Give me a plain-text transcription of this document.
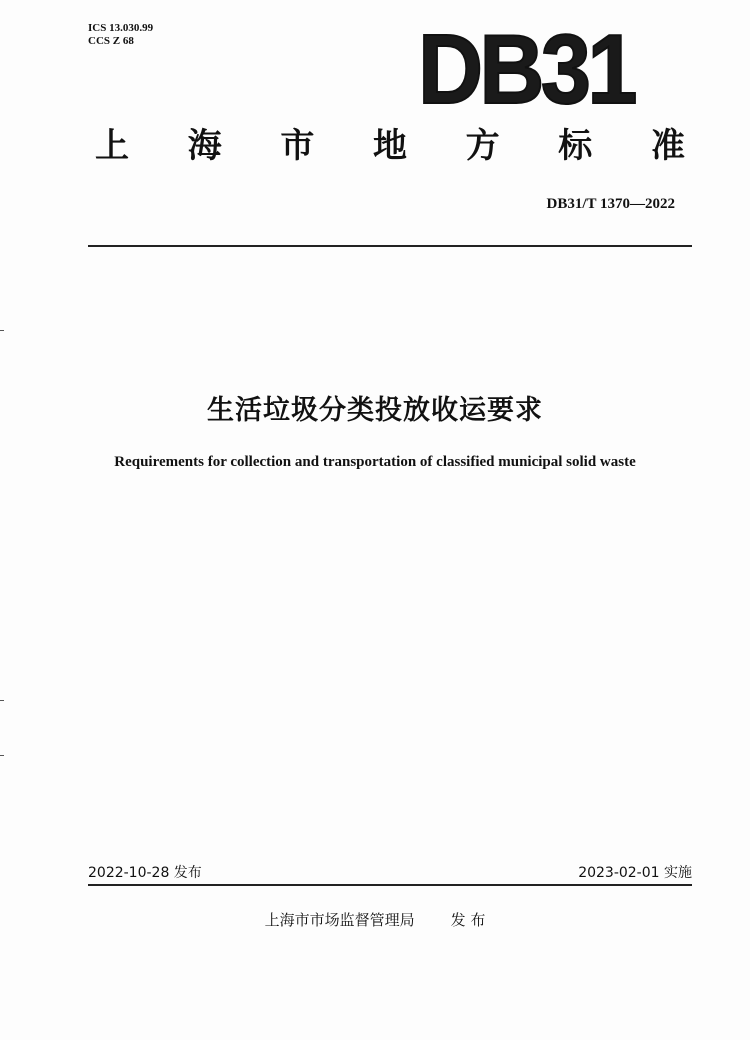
ICS 13.030.99
CCS Z 68	DB31
上 海 市 地 方 标 准
DB31/T 1370—2022
生活垃圾分类投放收运要求
Requirements for collection and transportation of classified municipal solid waste
2022-10-28 发布	2023-02-01 实施
上海市市场监督管理局 发 布
